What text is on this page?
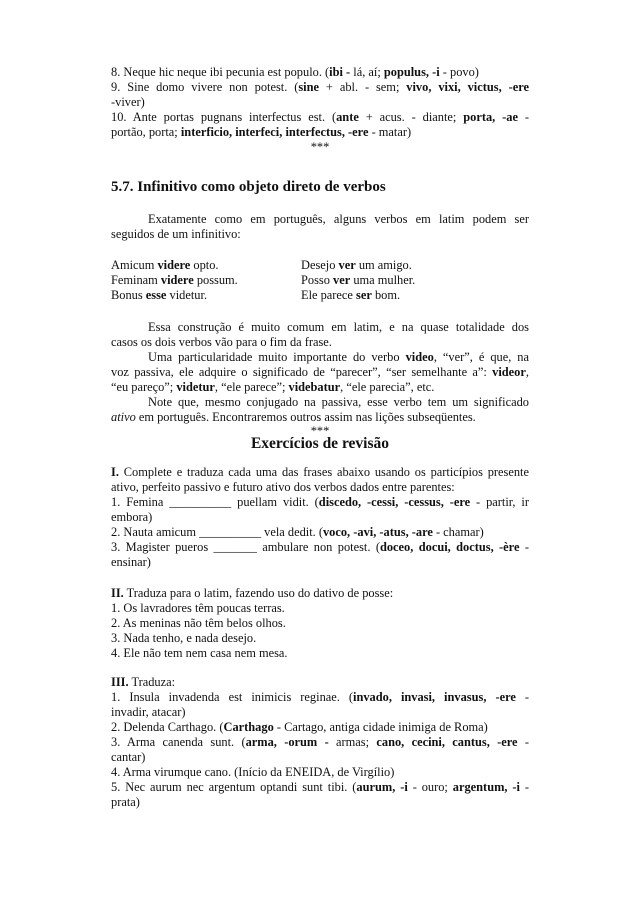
8. Neque hic neque ibi pecunia est populo. (ibi - lá, aí; populus, -i - povo)
9. Sine domo vivere non potest. (sine + abl. - sem; vivo, vixi, victus, -ere
-viver)
10. Ante portas pugnans interfectus est. (ante + acus. - diante; porta, -ae -
portão, porta; interficio, interfeci, interfectus, -ere - matar)
***
5.7. Infinitivo como objeto direto de verbos
Exatamente como em português, alguns verbos em latim podem ser
seguidos de um infinitivo:
Amicum videre opto.	Desejo ver um amigo.
Feminam videre possum.	Posso ver uma mulher.
Bonus esse videtur.	Ele parece ser bom.
Essa construção é muito comum em latim, e na quase totalidade dos
casos os dois verbos vão para o fim da frase.
Uma particularidade muito importante do verbo video, “ver”, é que, na
voz passiva, ele adquire o significado de “parecer”, “ser semelhante a”: videor,
“eu pareço”; videtur, “ele parece”; videbatur, “ele parecia”, etc.
Note que, mesmo conjugado na passiva, esse verbo tem um significado
ativo em português. Encontraremos outros assim nas lições subseqüentes.
***
Exercícios de revisão
I. Complete e traduza cada uma das frases abaixo usando os particípios presente
ativo, perfeito passivo e futuro ativo dos verbos dados entre parentes:
1. Femina __________ puellam vidit. (discedo, -cessi, -cessus, -ere - partir, ir
embora)
2. Nauta amicum __________ vela dedit. (voco, -avi, -atus, -are - chamar)
3. Magister pueros _______ ambulare non potest. (doceo, docui, doctus, -ère -
ensinar)
II. Traduza para o latim, fazendo uso do dativo de posse:
1. Os lavradores têm poucas terras.
2. As meninas não têm belos olhos.
3. Nada tenho, e nada desejo.
4. Ele não tem nem casa nem mesa.
III. Traduza:
1. Insula invadenda est inimicis reginae. (invado, invasi, invasus, -ere -
invadir, atacar)
2. Delenda Carthago. (Carthago - Cartago, antiga cidade inimiga de Roma)
3. Arma canenda sunt. (arma, -orum - armas; cano, cecini, cantus, -ere -
cantar)
4. Arma virumque cano. (Início da ENEIDA, de Virgílio)
5. Nec aurum nec argentum optandi sunt tibi. (aurum, -i - ouro; argentum, -i -
prata)
